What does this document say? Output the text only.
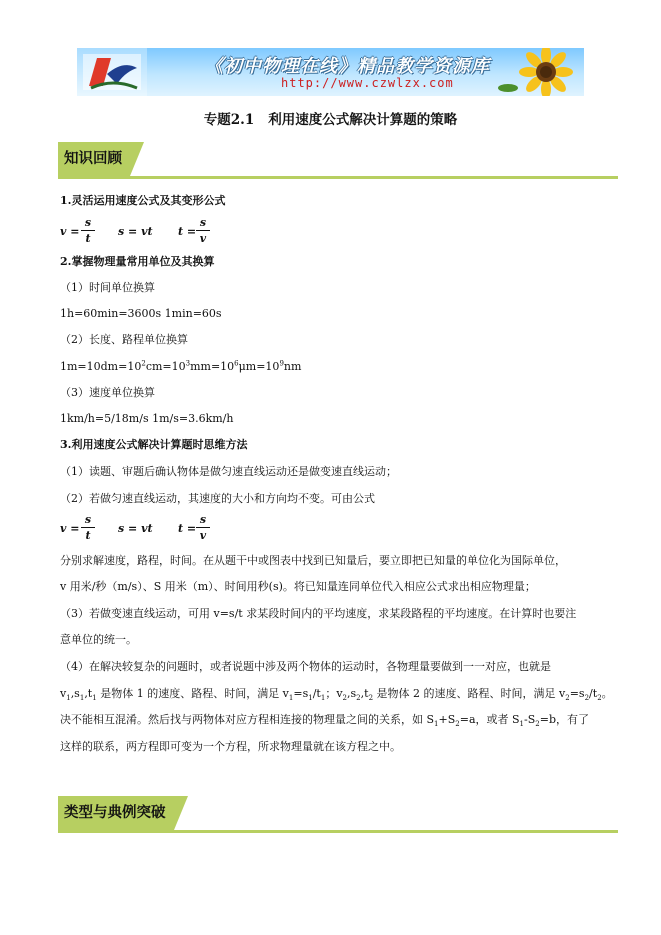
《初中物理在线》精品教学资源库
http://www.czwlzx.com
专题2.1 利用速度公式解决计算题的策略
知识回顾
1.灵活运用速度公式及其变形公式
v =
s
t
s = vt t =
s
v
2.掌握物理量常用单位及其换算
（1）时间单位换算
1h=60min=3600s 1min=60s
（2）长度、路程单位换算
$1m=10dm=10^2cm=10^3mm=10^6\mu m=10^9nm$
（3）速度单位换算
1km/h=5/18m/s 1m/s=3.6km/h
3.利用速度公式解决计算题时思维方法
（1）读题、审题后确认物体是做匀速直线运动还是做变速直线运动；
（2）若做匀速直线运动，其速度的大小和方向均不变。可由公式
v =
s
t
s = vt t =
s
v
分别求解速度，路程，时间。在从题干中或图表中找到已知量后，要立即把已知量的单位化为国际单位，
v 用米/秒（m/s）、S 用米（m）、时间用秒(s)。将已知量连同单位代入相应公式求出相应物理量；
（3）若做变速直线运动，可用 v=s/t 求某段时间内的平均速度，求某段路程的平均速度。在计算时也要注
意单位的统一。
（4）在解决较复杂的问题时，或者说题中涉及两个物体的运动时，各物理量要做到一一对应，也就是
$v_1,s_1,t_1$ 是物体 1 的速度、路程、时间，满足 $v_1=s_1/t_1$；$v_2,s_2,t_2$ 是物体 2 的速度、路程、时间，满足 $v_2=s_2/t_2$。
决不能相互混淆。然后找与两物体对应方程相连接的物理量之间的关系，如 $S_1+S_2=a$，或者 $S_1-S_2=b$，有了
这样的联系，两方程即可变为一个方程，所求物理量就在该方程之中。
类型与典例突破
